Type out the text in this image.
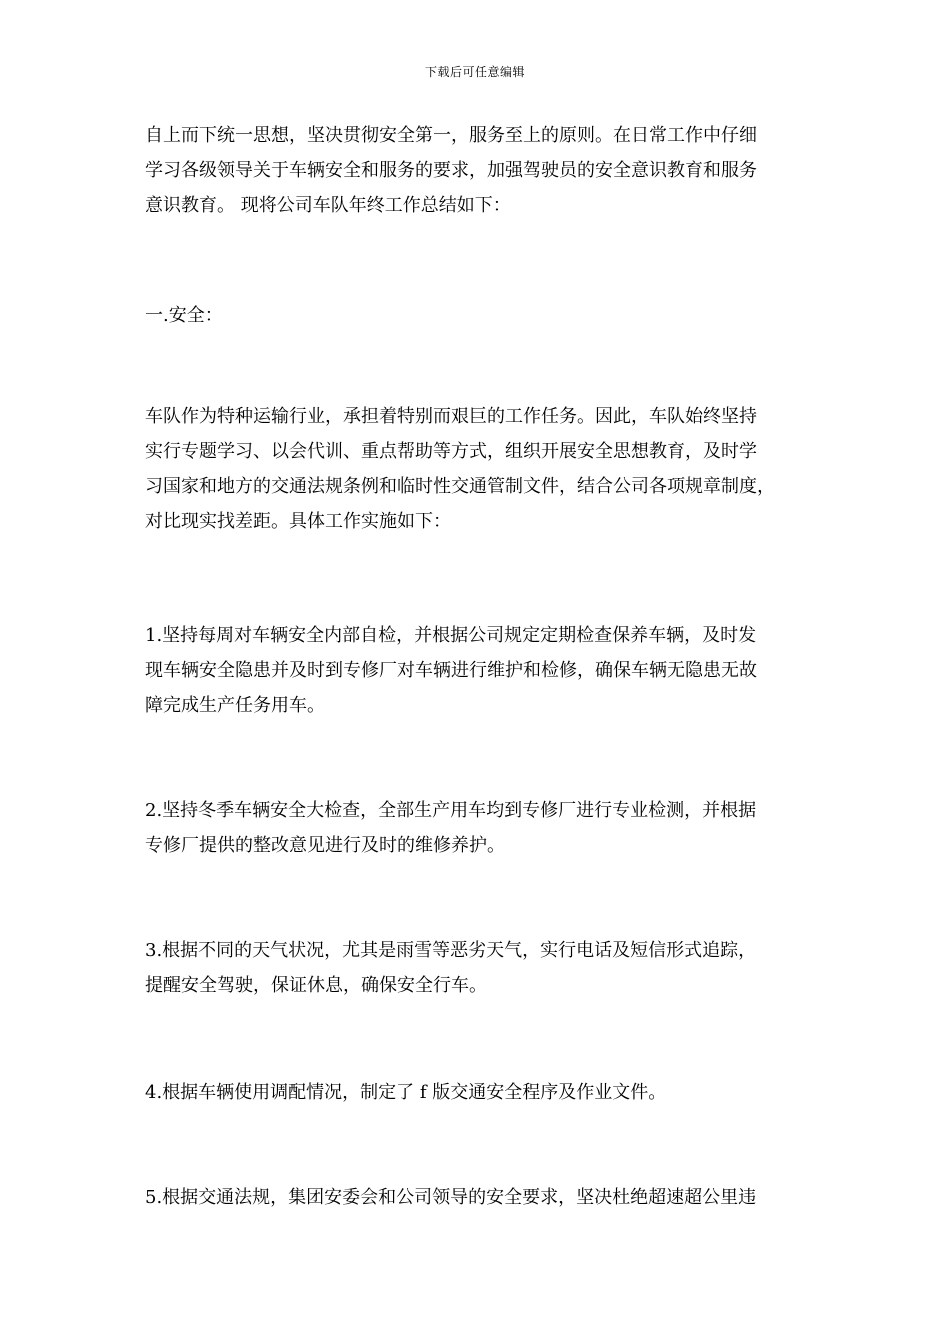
下载后可任意编辑

自上而下统一思想，坚决贯彻安全第一，服务至上的原则。在日常工作中仔细
学习各级领导关于车辆安全和服务的要求，加强驾驶员的安全意识教育和服务
意识教育。 现将公司车队年终工作总结如下：

一.安全：

车队作为特种运输行业，承担着特别而艰巨的工作任务。因此，车队始终坚持
实行专题学习、以会代训、重点帮助等方式，组织开展安全思想教育，及时学
习国家和地方的交通法规条例和临时性交通管制文件，结合公司各项规章制度，
对比现实找差距。具体工作实施如下：

1.坚持每周对车辆安全内部自检，并根据公司规定定期检查保养车辆，及时发
现车辆安全隐患并及时到专修厂对车辆进行维护和检修，确保车辆无隐患无故
障完成生产任务用车。

2.坚持冬季车辆安全大检查，全部生产用车均到专修厂进行专业检测，并根据
专修厂提供的整改意见进行及时的维修养护。

3.根据不同的天气状况，尤其是雨雪等恶劣天气，实行电话及短信形式追踪，
提醒安全驾驶，保证休息，确保安全行车。

4.根据车辆使用调配情况，制定了 f 版交通安全程序及作业文件。

5.根据交通法规，集团安委会和公司领导的安全要求，坚决杜绝超速超公里违
